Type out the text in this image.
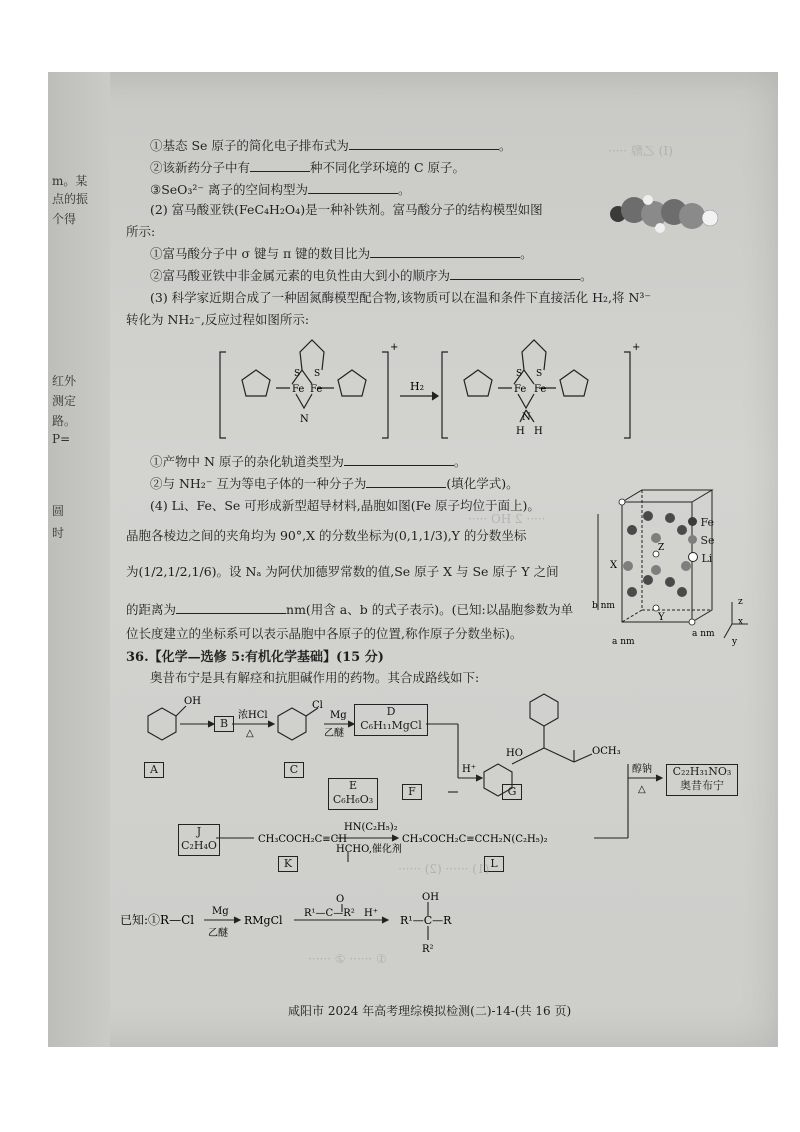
m。某
点的振
个得
红外
测定
路。
P=
圆
时
(Ⅰ) 乙醇 ·····
····· 2 HO ·····
①基态 Se 原子的简化电子排布式为	。
②该新药分子中有	种不同化学环境的 C 原子。
③SeO₃²⁻ 离子的空间构型为	。
(2) 富马酸亚铁(FeC₄H₂O₄)是一种补铁剂。富马酸分子的结构模型如图
所示:
①富马酸分子中 σ 键与 π 键的数目比为	。
②富马酸亚铁中非金属元素的电负性由大到小的顺序为	。
(3) 科学家近期合成了一种固氮酶模型配合物,该物质可以在温和条件下直接活化 H₂,将 N³⁻
转化为 NH₂⁻,反应过程如图所示:
Fe Fe
N
S S
Fe Fe
N
H H
S S
+	+
H₂
①产物中 N 原子的杂化轨道类型为	。
②与 NH₂⁻ 互为等电子体的一种分子为	(填化学式)。
(4) Li、Fe、Se 可形成新型超导材料,晶胞如图(Fe 原子均位于面上)。
晶胞各棱边之间的夹角均为 90°,X 的分数坐标为(0,1,1/3),Y 的分数坐标
为(1/2,1/2,1/6)。设 Nₐ 为阿伏加德罗常数的值,Se 原子 X 与 Se 原子 Y 之间
的距离为	nm(用含 a、b 的式子表示)。(已知:以晶胞参数为单
位长度建立的坐标系可以表示晶胞中各原子的位置,称作原子分数坐标)。
b nm
X
Y
Z
a nm
a nm
z
x
y
Fe
Se
Li
36.【化学—选修 5:有机化学基础】(15 分)
奥昔布宁是具有解痉和抗胆碱作用的药物。其合成路线如下:
OH
浓HCl
△
Cl
Mg
乙醚
H⁺
HO	OCH₃
醇钠
△
CH₃COCH₂C≡CH
HN(C₂H₅)₂
HCHO,催化剂
CH₃COCH₂C≡CCH₂N(C₂H₅)₂
A
B
C
D
C₆H₁₁MgCl
E
C₆H₆O₃
F	G
C₂₂H₃₁NO₃
奥昔布宁
J
C₂H₄O
K	L
已知:①R—Cl
Mg
乙醚
RMgCl
O
R¹—C—R² H⁺
OH
R¹—C—R
R²
(1) ······ (2) ······
① ······ ② ······
咸阳市 2024 年高考理综模拟检测(二)-14-(共 16 页)
